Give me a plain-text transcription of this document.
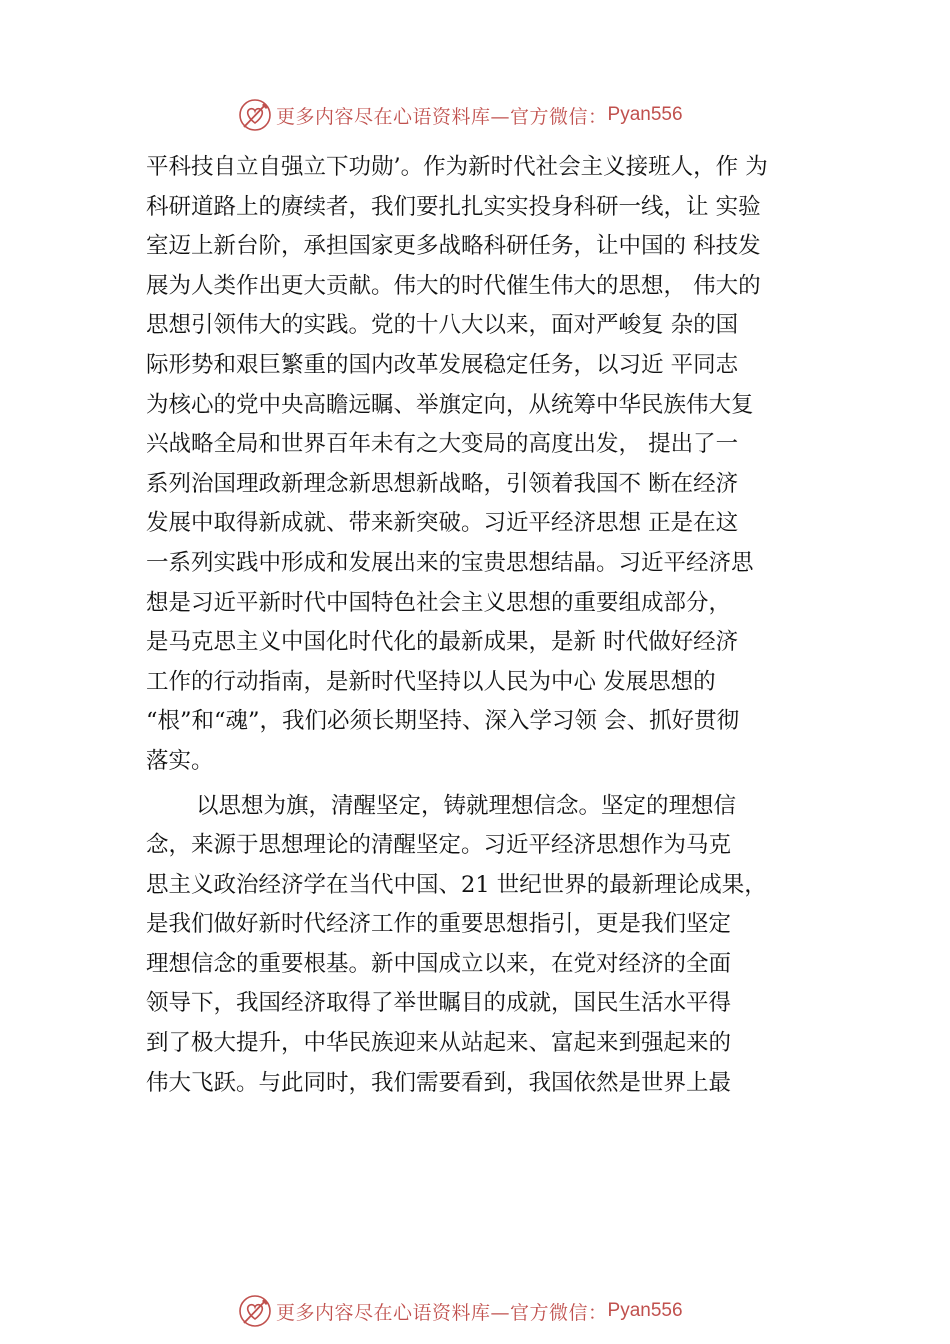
更多内容尽在心语资料库—官方微信： Pyan556
平科技自立自强立下功勋’。作为新时代社会主义接班人，作 为
科研道路上的赓续者，我们要扎扎实实投身科研一线，让 实验
室迈上新台阶，承担国家更多战略科研任务，让中国的 科技发
展为人类作出更大贡献。伟大的时代催生伟大的思想， 伟大的
思想引领伟大的实践。党的十八大以来，面对严峻复 杂的国
际形势和艰巨繁重的国内改革发展稳定任务，以习近 平同志
为核心的党中央高瞻远瞩、举旗定向，从统筹中华民族伟大复
兴战略全局和世界百年未有之大变局的高度出发， 提出了一
系列治国理政新理念新思想新战略，引领着我国不 断在经济
发展中取得新成就、带来新突破。习近平经济思想 正是在这
一系列实践中形成和发展出来的宝贵思想结晶。习近平经济思
想是习近平新时代中国特色社会主义思想的重要组成部分，
是马克思主义中国化时代化的最新成果，是新 时代做好经济
工作的行动指南，是新时代坚持以人民为中心 发展思想的
“根”和“魂”，我们必须长期坚持、深入学习领 会、抓好贯彻
落实。
以思想为旗，清醒坚定，铸就理想信念。坚定的理想信
念，来源于思想理论的清醒坚定。习近平经济思想作为马克
思主义政治经济学在当代中国、21 世纪世界的最新理论成果，
是我们做好新时代经济工作的重要思想指引，更是我们坚定
理想信念的重要根基。新中国成立以来，在党对经济的全面
领导下，我国经济取得了举世瞩目的成就，国民生活水平得
到了极大提升，中华民族迎来从站起来、富起来到强起来的
伟大飞跃。与此同时，我们需要看到，我国依然是世界上最
更多内容尽在心语资料库—官方微信： Pyan556
